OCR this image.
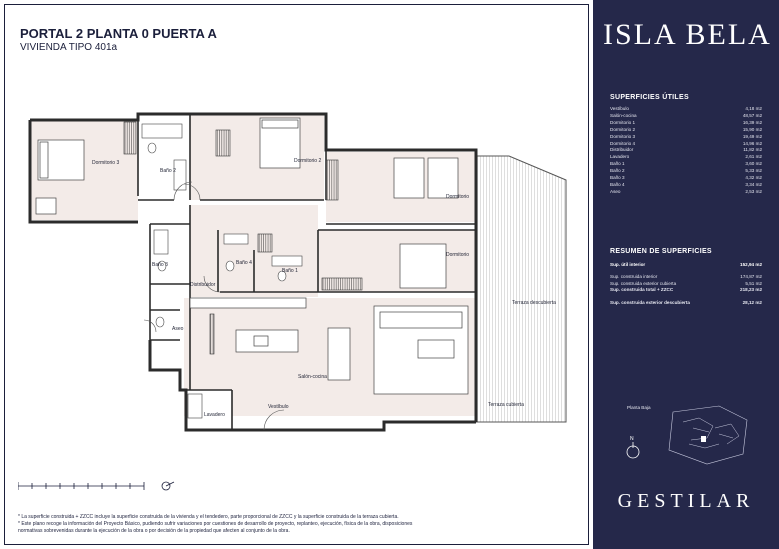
PORTAL 2 PLANTA 0 PUERTA A
VIVIENDA TIPO 401a
Dormitorio 3
Baño 2
Dormitorio 2
Dormitorio
Dormitorio
Baño 3	Baño 4
Baño 1
Distribuidor
Aseo
Salón-cocina
Lavadero
Vestíbulo
Terraza descubierta
Terraza cubierta
* La superficie construida + ZZCC incluye la superficie construida de la vivienda y el tendedero, parte proporcional de ZZCC y la superficie construida de la terraza cubierta.
* Este plano recoge la información del Proyecto Básico, pudiendo sufrir variaciones por cuestiones de desarrollo de proyecto, replanteo, ejecución, física de la obra, disposiciones
normativas sobrevenidas durante la ejecución de la obra o por decisión de la propiedad que afecten al conjunto de la obra.
ISLA BELA
SUPERFICIES ÚTILES
Vestíbulo	4,18 m2
Salón-cocina	48,57 m2
Dormitorio 1	16,39 m2
Dormitorio 2	15,90 m2
Dormitorio 3	19,49 m2
Dormitorio 4	14,96 m2
Distribuidor	11,82 m2
Lavadero	2,61 m2
Baño 1	3,60 m2
Baño 2	5,33 m2
Baño 3	4,32 m2
Baño 4	3,34 m2
Aseo	2,53 m2
RESUMEN DE SUPERFICIES
Sup. útil interior	152,94 m2
Sup. construida interior	174,87 m2
Sup. construida exterior cubierta	5,51 m2
Sup. construida total + ZZCC	218,23 m2
Sup. construida exterior descubierta	28,12 m2
Planta Baja
N
GESTILAR
